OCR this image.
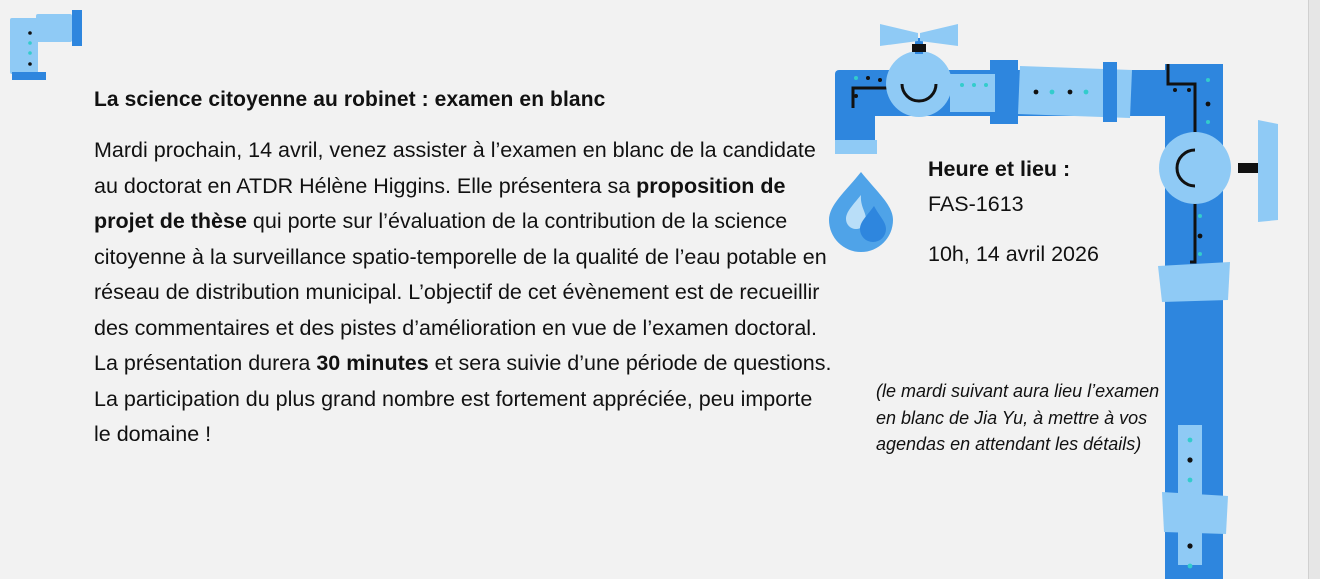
La science citoyenne au robinet : examen en blanc
Mardi prochain, 14 avril, venez assister à l’examen en blanc de la candidate au doctorat en ATDR Hélène Higgins. Elle présentera sa proposition de projet de thèse qui porte sur l’évaluation de la contribution de la science citoyenne à la surveillance spatio-temporelle de la qualité de l’eau potable en réseau de distribution municipal. L’objectif de cet évènement est de recueillir des commentaires et des pistes d’amélioration en vue de l’examen doctoral. La présentation durera 30 minutes et sera suivie d’une période de questions. La participation du plus grand nombre est fortement appréciée, peu importe le domaine !
Heure et lieu :
FAS-1613
10h, 14 avril 2026
(le mardi suivant aura lieu l’examen en blanc de Jia Yu, à mettre à vos agendas en attendant les détails)
